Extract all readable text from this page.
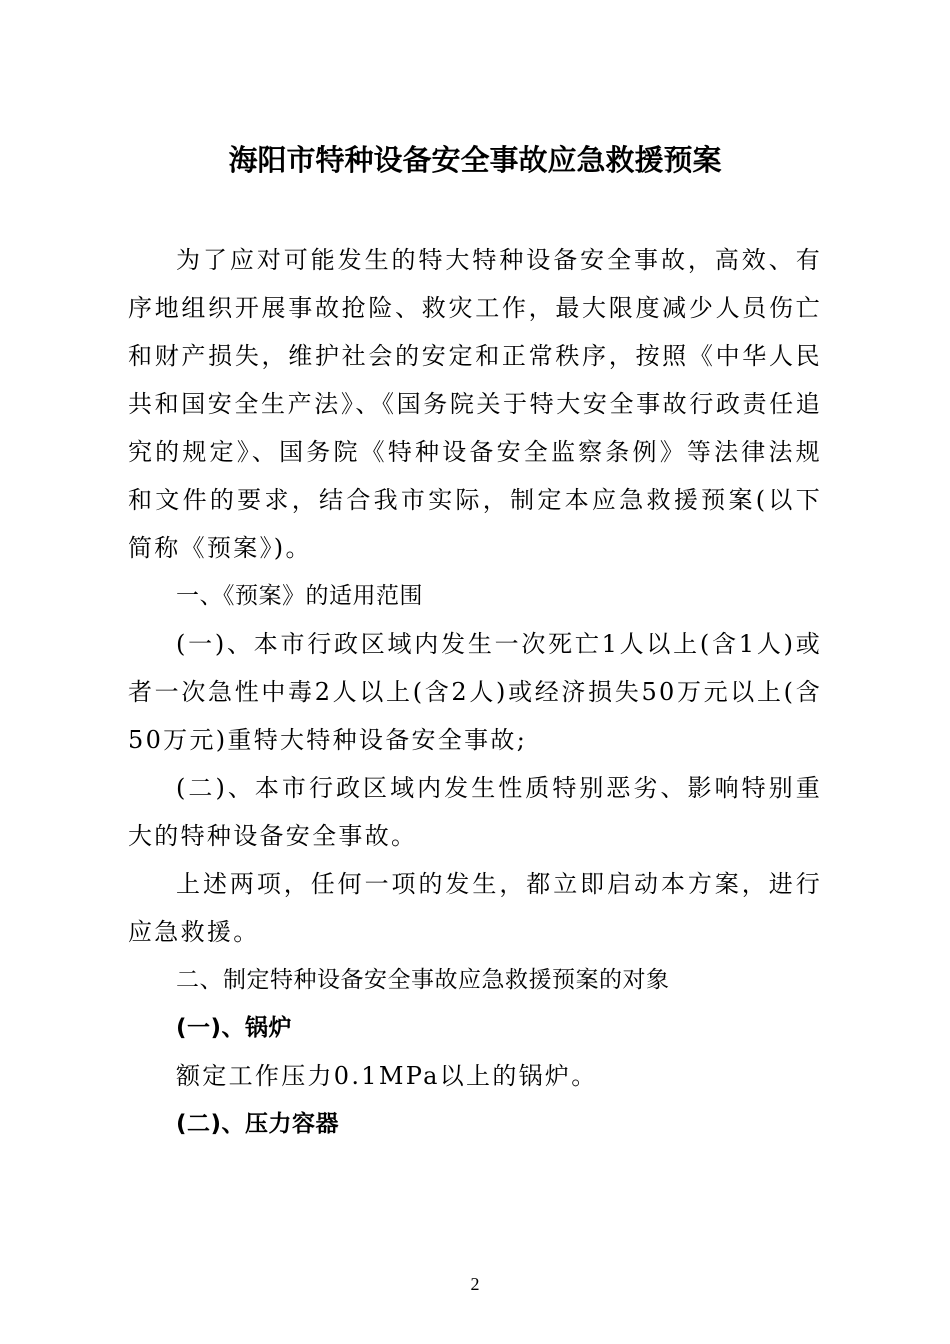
海阳市特种设备安全事故应急救援预案

为了应对可能发生的特大特种设备安全事故，高效、有序地组织开展事故抢险、救灾工作，最大限度减少人员伤亡和财产损失，维护社会的安定和正常秩序，按照《中华人民共和国安全生产法》、《国务院关于特大安全事故行政责任追究的规定》、国务院《特种设备安全监察条例》等法律法规和文件的要求，结合我市实际，制定本应急救援预案(以下简称《预案》)。

一、《预案》的适用范围

(一)、本市行政区域内发生一次死亡1人以上(含1人)或者一次急性中毒2人以上(含2人)或经济损失50万元以上(含50万元)重特大特种设备安全事故;

(二)、本市行政区域内发生性质特别恶劣、影响特别重大的特种设备安全事故。

上述两项，任何一项的发生，都立即启动本方案，进行应急救援。

二、制定特种设备安全事故应急救援预案的对象

(一)、锅炉

额定工作压力0.1MPa以上的锅炉。

(二)、压力容器

2
